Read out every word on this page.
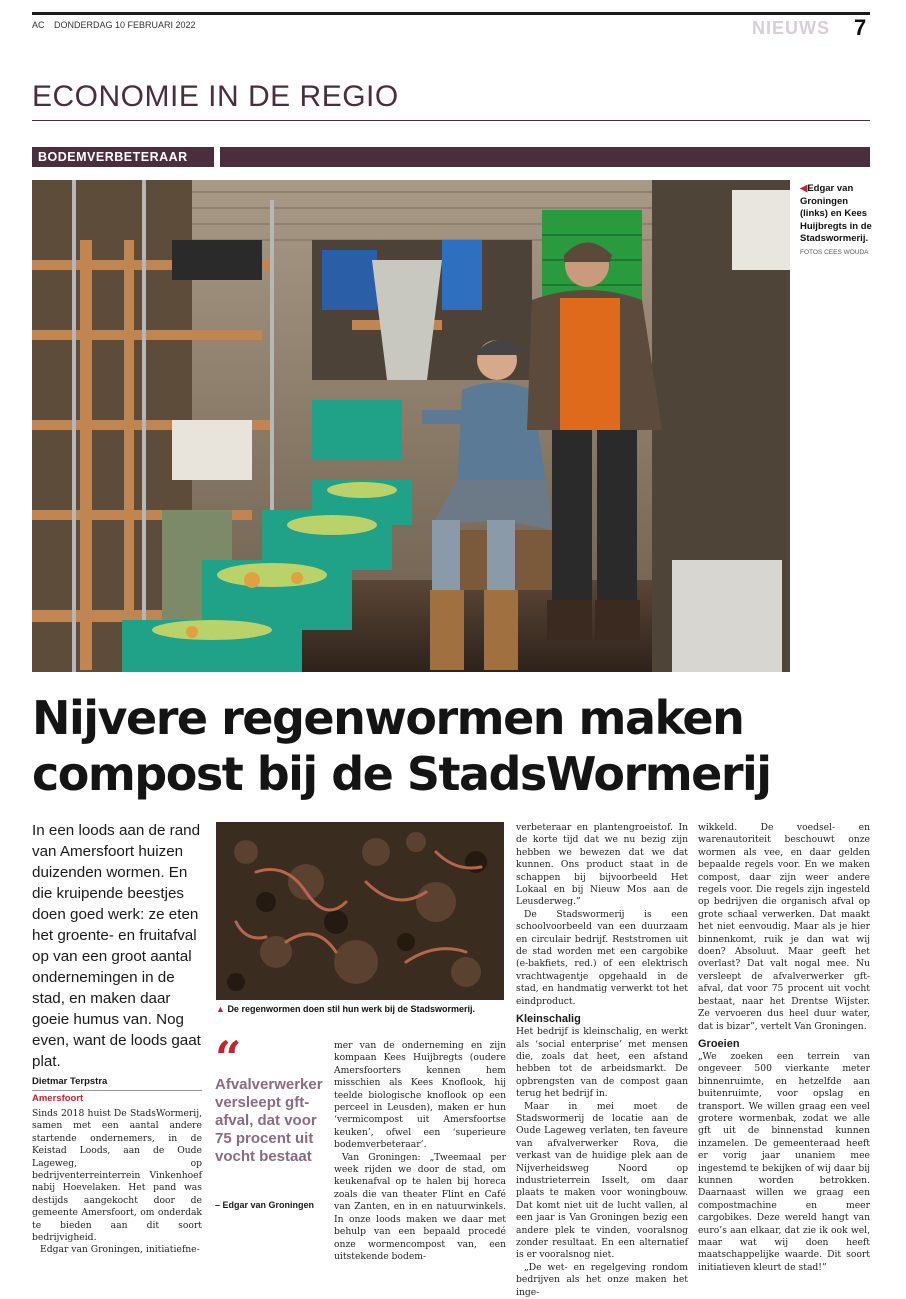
AC DONDERDAG 10 FEBRUARI 2022	NIEUWS 7
ECONOMIE IN DE REGIO
BODEMVERBETERAAR
◀Edgar van Groningen (links) en Kees Huijbregts in de Stadswormerij. FOTOS CEES WOUDA
Nijvere regenwormen maken compost bij de StadsWormerij
In een loods aan de rand van Amersfoort huizen duizenden wormen. En die kruipende beestjes doen goed werk: ze eten het groente- en fruitafval op van een groot aantal ondernemingen in de stad, en maken daar goeie humus van. Nog even, want de loods gaat plat.
Dietmar Terpstra
Amersfoort

Sinds 2018 huist De StadsWormerij, samen met een aantal andere startende ondernemers, in de Keistad Loods, aan de Oude Lageweg, op bedrijventerreinterrein Vinkenhoef nabij Hoevelaken. Het pand was destijds aangekocht door de gemeente Amersfoort, om onderdak te bieden aan dit soort bedrijvigheid.

Edgar van Groningen, initiatiefne-

▲ De regenwormen doen stil hun werk bij de Stadswormerij.
“
Afvalverwerker versleept gft-afval, dat voor 75 procent uit vocht bestaat
– Edgar van Groningen

mer van de onderneming en zijn kompaan Kees Huijbregts (oudere Amersfoorters kennen hem misschien als Kees Knoflook, hij teelde biologische knoflook op een perceel in Leusden), maken er hun ‘vermicompost uit Amersfoortse keuken’, ofwel een ‘superieure bodemverbeteraar’.

Van Groningen: „Tweemaal per week rijden we door de stad, om keukenafval op te halen bij horeca zoals die van theater Flint en Café van Zanten, en in en natuurwinkels. In onze loods maken we daar met behulp van een bepaald procedé onze wormencompost van, een uitstekende bodem-

verbeteraar en plantengroeistof. In de korte tijd dat we nu bezig zijn hebben we bewezen dat we dat kunnen. Ons product staat in de schappen bij bijvoorbeeld Het Lokaal en bij Nieuw Mos aan de Leusderweg.”

De Stadswormerij is een schoolvoorbeeld van een duurzaam en circulair bedrijf. Reststromen uit de stad worden met een cargobike (e-bakfiets, red.) of een elektrisch vrachtwagentje opgehaald in de stad, en handmatig verwerkt tot het eindproduct.

Kleinschalig

Het bedrijf is kleinschalig, en werkt als ‘social enterprise’ met mensen die, zoals dat heet, een afstand hebben tot de arbeidsmarkt. De opbrengsten van de compost gaan terug het bedrijf in.

Maar in mei moet de Stadswormerij de locatie aan de Oude Lageweg verlaten, ten faveure van afvalverwerker Rova, die verkast van de huidige plek aan de Nijverheidsweg Noord op industrieterrein Isselt, om daar plaats te maken voor woningbouw. Dat komt niet uit de lucht vallen, al een jaar is Van Groningen bezig een andere plek te vinden, vooralsnog zonder resultaat. En een alternatief is er vooralsnog niet.

„De wet- en regelgeving rondom bedrijven als het onze maken het inge-

wikkeld. De voedsel- en warenautoriteit beschouwt onze wormen als vee, en daar gelden bepaalde regels voor. En we maken compost, daar zijn weer andere regels voor. Die regels zijn ingesteld op bedrijven die organisch afval op grote schaal verwerken. Dat maakt het niet eenvoudig. Maar als je hier binnenkomt, ruik je dan wat wij doen? Absoluut. Maar geeft het overlast? Dat valt nogal mee. Nu versleept de afvalverwerker gft-afval, dat voor 75 procent uit vocht bestaat, naar het Drentse Wijster. Ze vervoeren dus heel duur water, dat is bizar”, vertelt Van Groningen.

Groeien

„We zoeken een terrein van ongeveer 500 vierkante meter binnenruimte, en hetzelfde aan buitenruimte, voor opslag en transport. We willen graag een veel grotere wormenbak, zodat we alle gft uit de binnenstad kunnen inzamelen. De gemeenteraad heeft er vorig jaar unaniem mee ingestemd te bekijken of wij daar bij kunnen worden betrokken. Daarnaast willen we graag een compostmachine en meer cargobikes. Deze wereld hangt van euro’s aan elkaar, dat zie ik ook wel, maar wat wij doen heeft maatschappelijke waarde. Dit soort initiatieven kleurt de stad!”
